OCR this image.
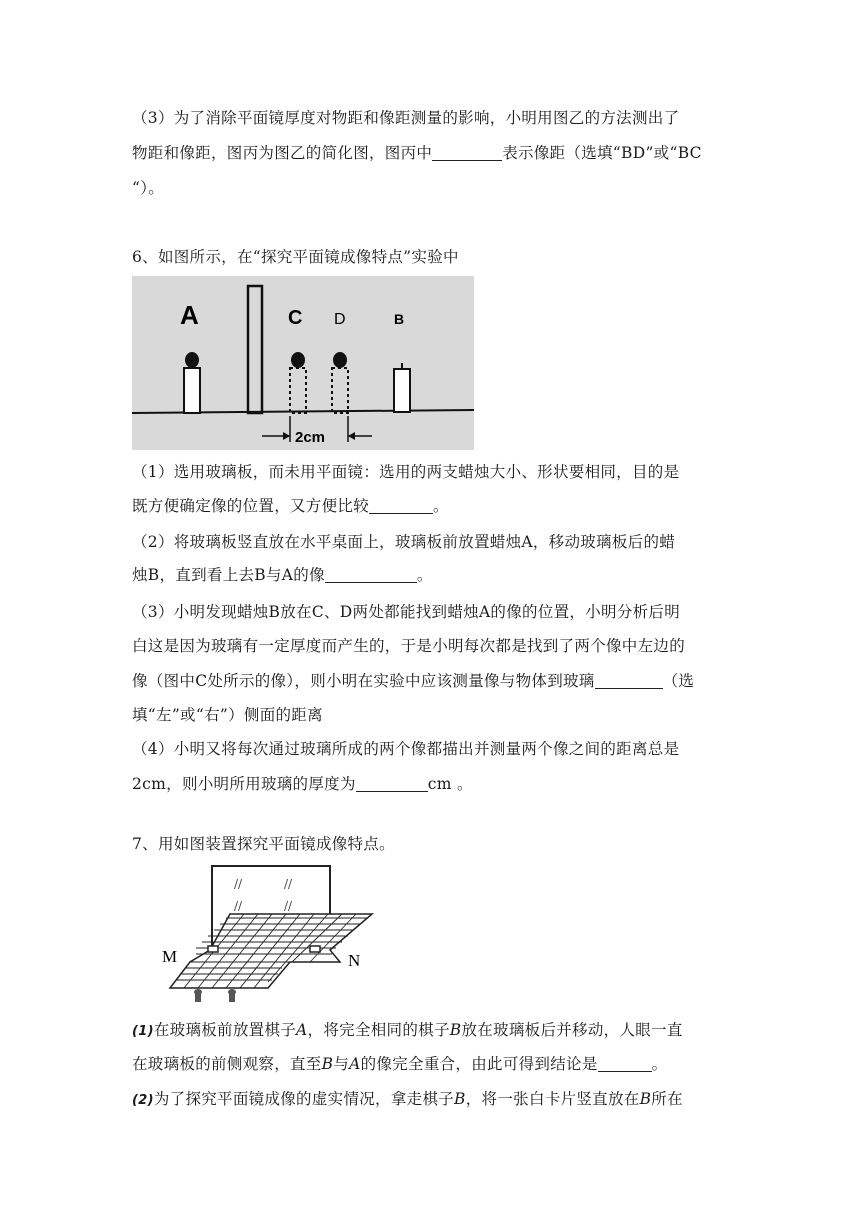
（3）为了消除平面镜厚度对物距和像距测量的影响，小明用图乙的方法测出了
物距和像距，图丙为图乙的简化图，图丙中	表示像距（选填“BD”或“BC
“）。
6、如图所示，在“探究平面镜成像特点”实验中
A	C D	B
2cm
（1）选用玻璃板，而未用平面镜：选用的两支蜡烛大小、形状要相同，目的是
既方便确定像的位置，又方便比较	。
（2）将玻璃板竖直放在水平桌面上，玻璃板前放置蜡烛A，移动玻璃板后的蜡
烛B，直到看上去B与A的像	。
（3）小明发现蜡烛B放在C、D两处都能找到蜡烛A的像的位置，小明分析后明
白这是因为玻璃有一定厚度而产生的，于是小明每次都是找到了两个像中左边的
像（图中C处所示的像），则小明在实验中应该测量像与物体到玻璃	（选
填“左”或“右”）侧面的距离
（4）小明又将每次通过玻璃所成的两个像都描出并测量两个像之间的距离总是
2cm，则小明所用玻璃的厚度为	cm 。
7、用如图装置探究平面镜成像特点。
//	//
//	//
M	N
(1)在玻璃板前放置棋子A，将完全相同的棋子B放在玻璃板后并移动，人眼一直
在玻璃板的前侧观察，直至B与A的像完全重合，由此可得到结论是	。
(2)为了探究平面镜成像的虚实情况，拿走棋子B，将一张白卡片竖直放在B所在
